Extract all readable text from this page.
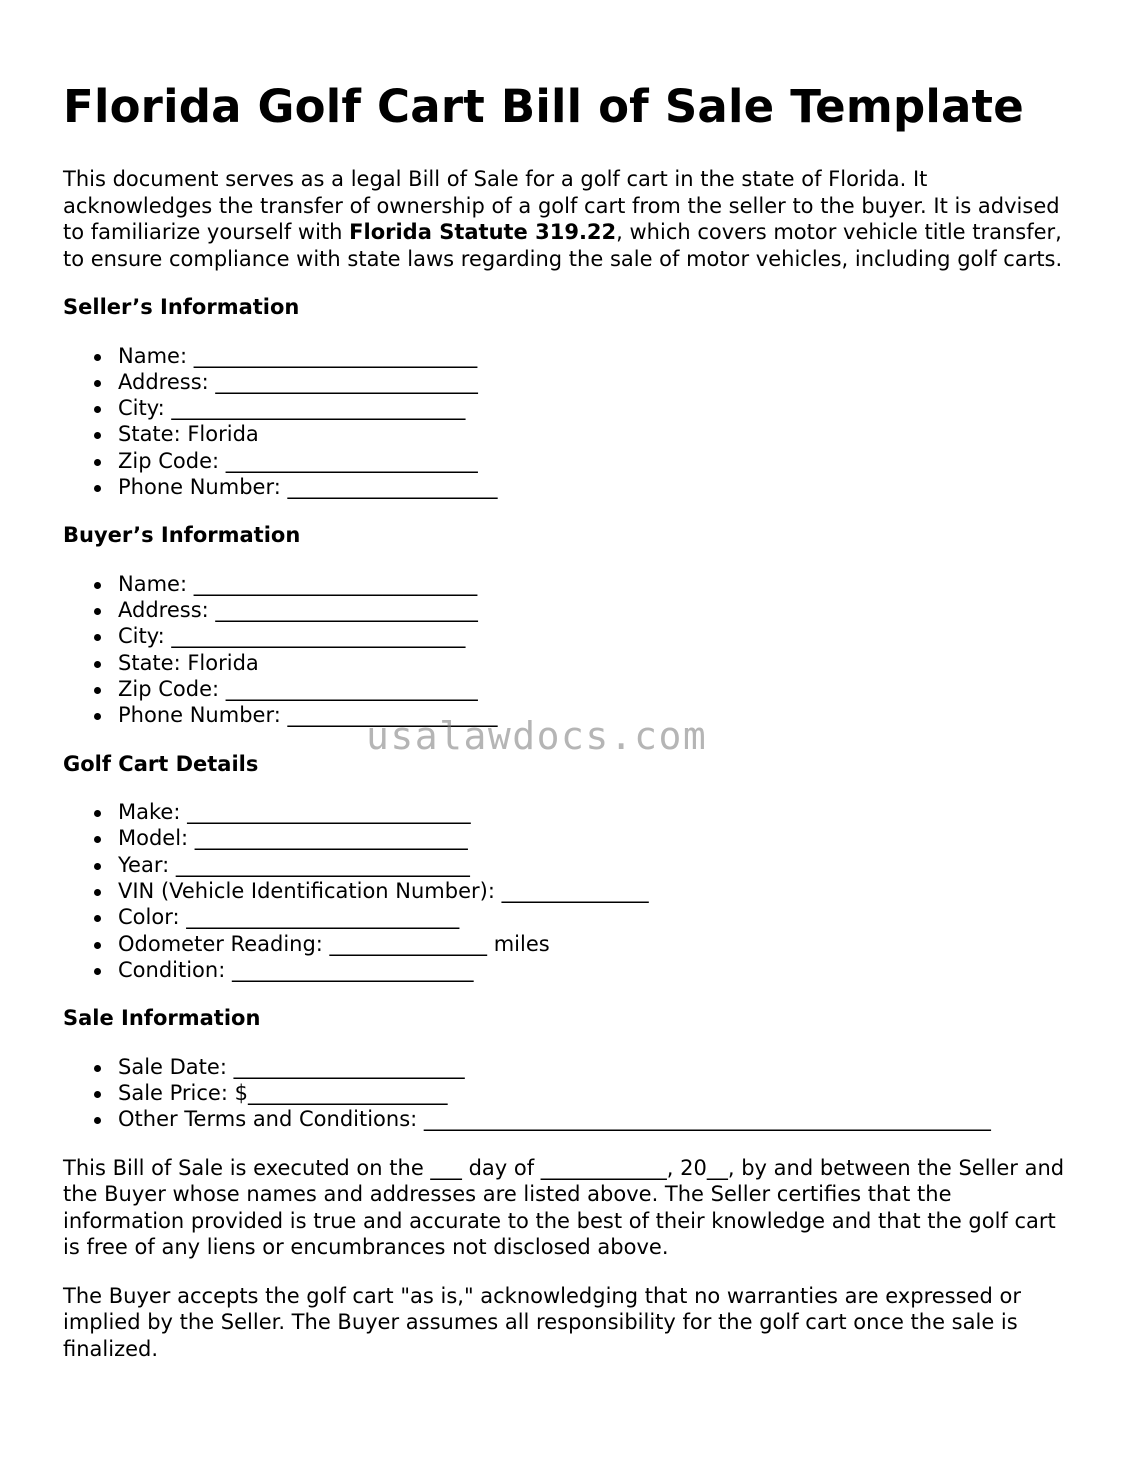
Florida Golf Cart Bill of Sale Template

This document serves as a legal Bill of Sale for a golf cart in the state of Florida. It acknowledges the transfer of ownership of a golf cart from the seller to the buyer. It is advised to familiarize yourself with Florida Statute 319.22, which covers motor vehicle title transfer, to ensure compliance with state laws regarding the sale of motor vehicles, including golf carts.

Seller’s Information
Name: ___________________________
Address: _________________________
City: ____________________________
State: Florida
Zip Code: ________________________
Phone Number: ____________________
Buyer’s Information
Name: ___________________________
Address: _________________________
City: ____________________________
State: Florida
Zip Code: ________________________
Phone Number: ____________________
Golf Cart Details
Make: ___________________________
Model: __________________________
Year: ____________________________
VIN (Vehicle Identification Number): ______________
Color: __________________________
Odometer Reading: _______________ miles
Condition: _______________________
Sale Information
Sale Date: ______________________
Sale Price: $___________________
Other Terms and Conditions: ______________________________________________________

This Bill of Sale is executed on the ___ day of ____________, 20__, by and between the Seller and the Buyer whose names and addresses are listed above. The Seller certifies that the information provided is true and accurate to the best of their knowledge and that the golf cart is free of any liens or encumbrances not disclosed above.

The Buyer accepts the golf cart "as is," acknowledging that no warranties are expressed or implied by the Seller. The Buyer assumes all responsibility for the golf cart once the sale is finalized.

usalawdocs.com
